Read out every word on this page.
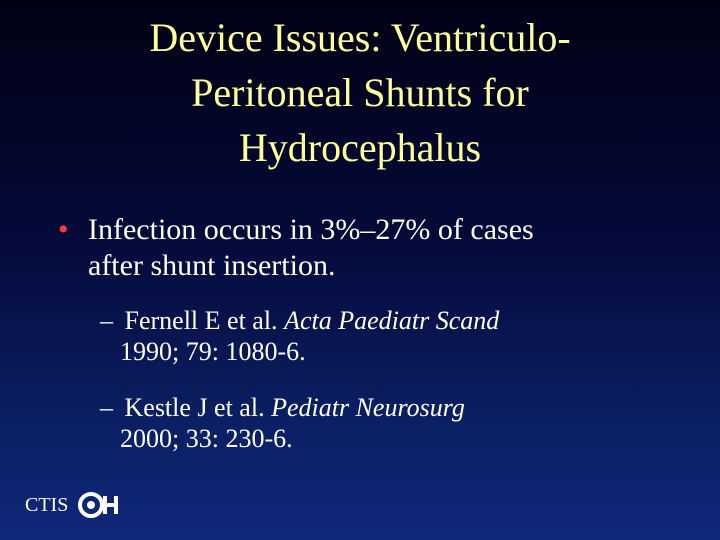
Device Issues: Ventriculo-
Peritoneal Shunts for
Hydrocephalus
• Infection occurs in 3%–27% of cases
after shunt insertion.
– Fernell E et al. Acta Paediatr Scand
1990; 79: 1080-6.
– Kestle J et al. Pediatr Neurosurg
2000; 33: 230-6.
CTIS
